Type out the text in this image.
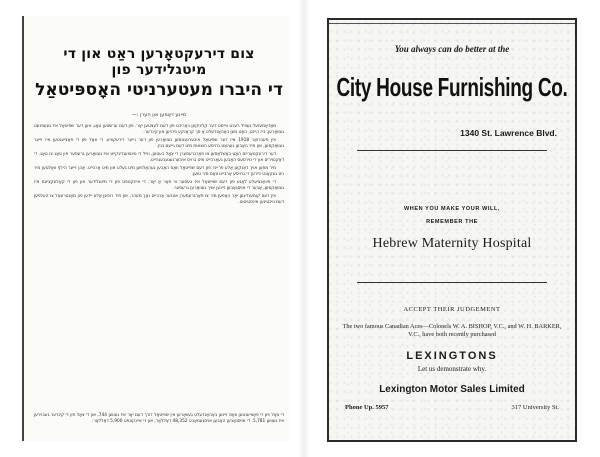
צום דירעקטאָרען ראַט און די מיטגלידער פון
די היברו מעטערניטי האָספּיטאַל
מיינע דאַמען און הערן :—

מאַדאַמעזעל נעוויל רעכט ווייסט דער קליניקען באַריכט פון דעם לעצטען יאָר. פון דעם ערשטען טאָג, ווען דער שפּיטאָל איז געעפנעט געוואָרען, ביז היינט, האָט מען באַהאַנדעלט אַ סך קראַנקע פרויען און קינדער.

אין פעברואַר 1918 איז דער שפּיטאָל איבערגענומען געוואָרען פון דער נייער דירעקציע. די צאָל פון די פּאַציענטען איז זייער געוואַקסען, און מיר האָבען געהאַט גרויסע הוצאות מיט דעם נייעם בנין.

דער דירעקטאָריום האָט באַשלאָסען צו פאַרגרעסערן די צאָל בעטען, ווייל די נויטווענדיגקייט איז געוואָרען גרעסער פון טאָג צו טאָג. די דאַקטוירים און די נוירסעס האָבען געאַרבייט מיט גרויס איבערגעגעבענהייט.

מיר מוזען אויך דאַנקען אַלע פריינד פון דעם שפּיטאָל וואָס האָבען געהאָלפען מיט געלט און מיט אַרבייט. אָהן זייער הילף וואָלטען מיר ניט געקאָנט פירען די גרויסע אַרבייט וואָס מיר טוען.

די פינאַנציעלע לאַגע פון דעם שפּיטאָל איז בעסער ווי פאַר אַ יאָר. די איינקונפט פון די מיטגלידער און פון די קאָלעקציעס איז געוואַקסען, אָבער די אויסגאַבען זיינען אויך געוואָרען גרעסער.

אין דעם קומענדיגען יאָר האָפען מיר צו פאַרגרעסערן אונזער אַרבייט נאָך מעהר, און מיר רופען אַלע יידען פון מאָנטרעאַל צו העלפען דעם וויכטיגען אינסטיטוט.

די צאָל פון די פּאַציענטען וואָס זיינען באַהאַנדעלט געוואָרען אין שפּיטאָל דורך דעם יאָר איז געווען 744, און די צאָל פון די קינדער געבוירען איז געווען 5,781. די אויסגאַבען האָבען אויסגעמאַכט 48,352 דאָללאַר, און די איינקונפט 5,900 דאָללאַר.
You always can do better at the
City House Furnishing Co.
1340 St. Lawrence Blvd.
WHEN YOU MAKE YOUR WILL,
REMEMBER THE
Hebrew Maternity Hospital
ACCEPT THEIR JUDGEMENT
The two famous Canadian Aces—Colonels W. A. BISHOP, V.C., and W. H. BARKER, V.C., have both recently purchased
LEXINGTONS
Let us demonstrate why.
Lexington Motor Sales Limited
Phone Up. 5957	317 University St.
